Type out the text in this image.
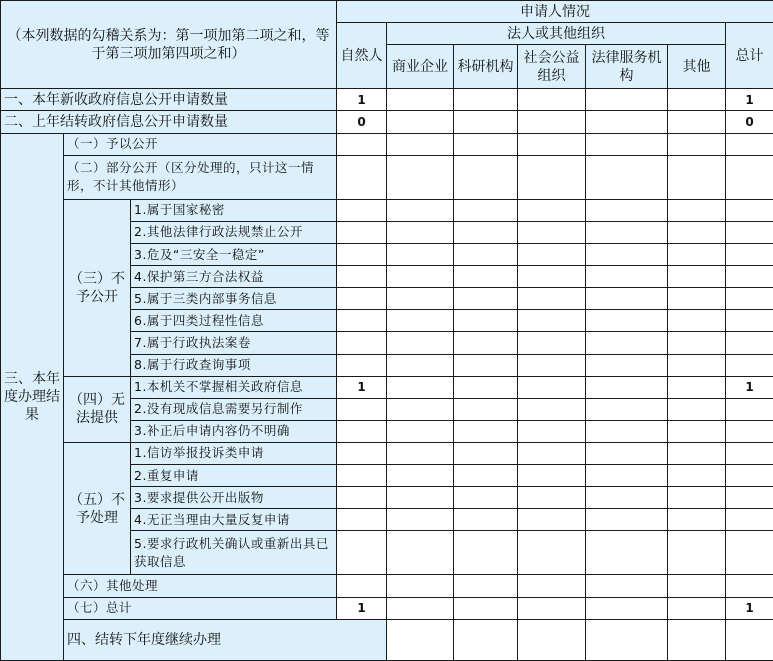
（本列数据的勾稽关系为：第一项加第二项之和，等于第三项加第四项之和）			申请人情况							
			自然人	法人或其他组织					总计	
				商业企业	科研机构	社会公益组织	法律服务机构	其他		
一、本年新收政府信息公开申请数量			1						1	
二、上年结转政府信息公开申请数量			0						0	
三、本年度办理结果	（一）予以公开									
	（二）部分公开（区分处理的，只计这一情形，不计其他情形）									
	（三）不予公开	1.属于国家秘密								
		2.其他法律行政法规禁止公开								
		3.危及“三安全一稳定”								
		4.保护第三方合法权益								
		5.属于三类内部事务信息								
		6.属于四类过程性信息								
		7.属于行政执法案卷								
		8.属于行政查询事项								
	（四）无法提供	1.本机关不掌握相关政府信息	1						1	
		2.没有现成信息需要另行制作								
		3.补正后申请内容仍不明确								
	（五）不予处理	1.信访举报投诉类申请								
		2.重复申请								
		3.要求提供公开出版物								
		4.无正当理由大量反复申请								
		5.要求行政机关确认或重新出具已获取信息								
	（六）其他处理									
	（七）总计		1						1	
	四、结转下年度继续办理									
